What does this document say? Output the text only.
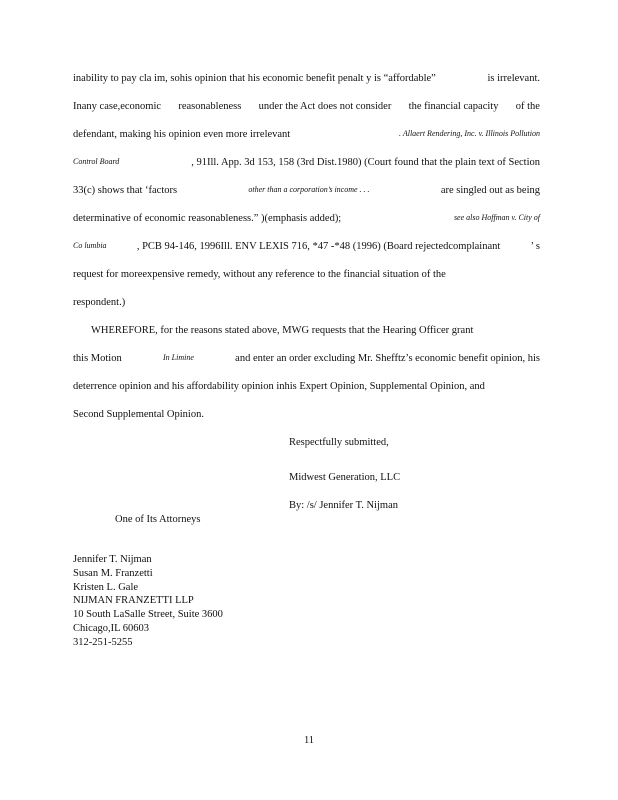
inability to pay cla im, sohis opinion that his economic benefit penalt y is “affordable”	is irrelevant.
Inany case,economic reasonableness under the Act does not consider the financial capacity of the
defendant, making his opinion even more irrelevant	. Allaert Rendering, Inc. v. Illinois Pollution
Control Board	, 91Ill. App. 3d 153, 158 (3rd Dist.1980) (Court found that the plain text of Section
33(c) shows that ‘factors	other than a corporation’s income . . .	are singled out as being
determinative of economic reasonableness.” )(emphasis added);	see also Hoffman v. City of
Co lumbia	, PCB 94-146, 1996Ill. ENV LEXIS 716, *47 -*48 (1996) (Board rejectedcomplainant	’ s
request for moreexpensive remedy, without any reference to the financial situation of the
respondent.)
WHEREFORE, for the reasons stated above, MWG requests that the Hearing Officer grant
this Motion	In Limine	and enter an order excluding Mr. Shefftz’s economic benefit opinion, his
deterrence opinion and his affordability opinion inhis Expert Opinion, Supplemental Opinion, and
Second Supplemental Opinion.
Respectfully submitted,
Midwest Generation, LLC
By: /s/ Jennifer T. Nijman
One of Its Attorneys
Jennifer T. Nijman
Susan M. Franzetti
Kristen L. Gale
NIJMAN FRANZETTI LLP
10 South LaSalle Street, Suite 3600
Chicago,IL 60603
312-251-5255
11
